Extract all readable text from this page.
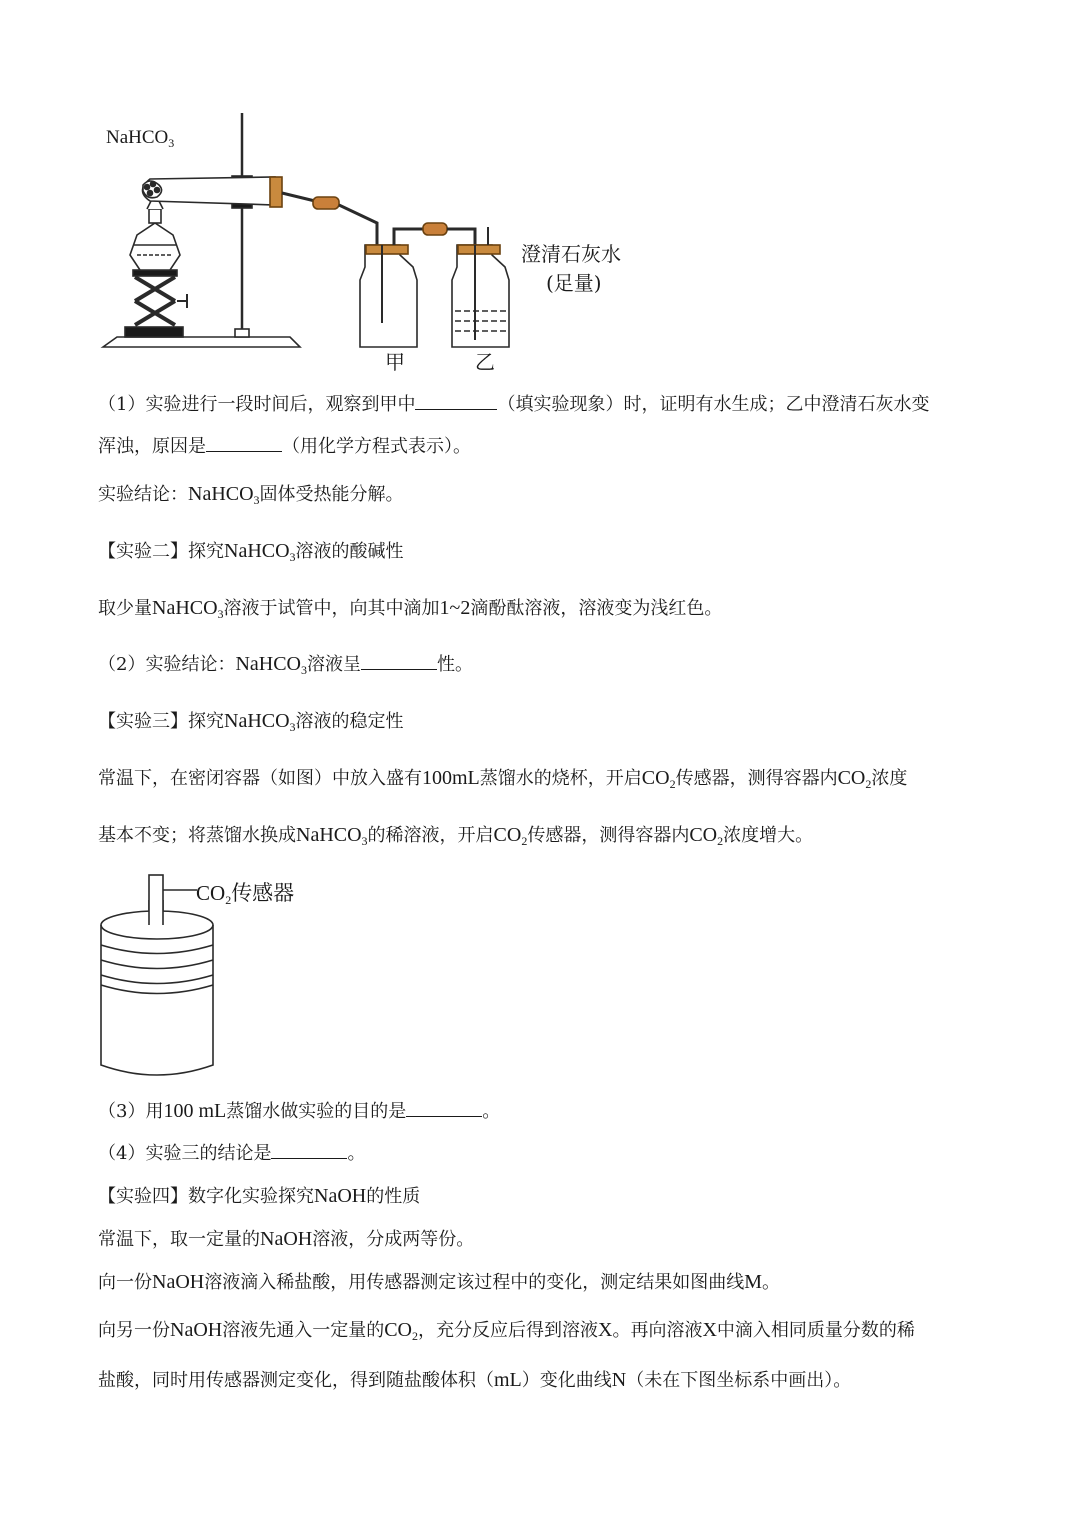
NaHCO$_3$
澄清石灰水
(足量)
甲	乙
（1）实验进行一段时间后，观察到甲中	（填实验现象）时，证明有水生成；乙中澄清石灰水变
浑浊，原因是	（用化学方程式表示）。
实验结论：NaHCO$_3$固体受热能分解。
【实验二】探究NaHCO$_3$溶液的酸碱性
取少量NaHCO$_3$溶液于试管中，向其中滴加1~2滴酚酞溶液，溶液变为浅红色。
（2）实验结论：NaHCO$_3$溶液呈	性。
【实验三】探究NaHCO$_3$溶液的稳定性
常温下，在密闭容器（如图）中放入盛有100mL蒸馏水的烧杯，开启$CO_2$传感器，测得容器内$CO_2$浓度
基本不变；将蒸馏水换成NaHCO$_3$的稀溶液，开启$CO_2$传感器，测得容器内$CO_2$浓度增大。
$CO_2$传感器
（3）用100 mL蒸馏水做实验的目的是	。
（4）实验三的结论是	。
【实验四】数字化实验探究NaOH的性质
常温下，取一定量的NaOH溶液，分成两等份。
向一份NaOH溶液滴入稀盐酸，用传感器测定该过程中的变化，测定结果如图曲线M。
向另一份NaOH溶液先通入一定量的$CO_2$，充分反应后得到溶液X。再向溶液X中滴入相同质量分数的稀
盐酸，同时用传感器测定变化，得到随盐酸体积（mL）变化曲线N（未在下图坐标系中画出）。
